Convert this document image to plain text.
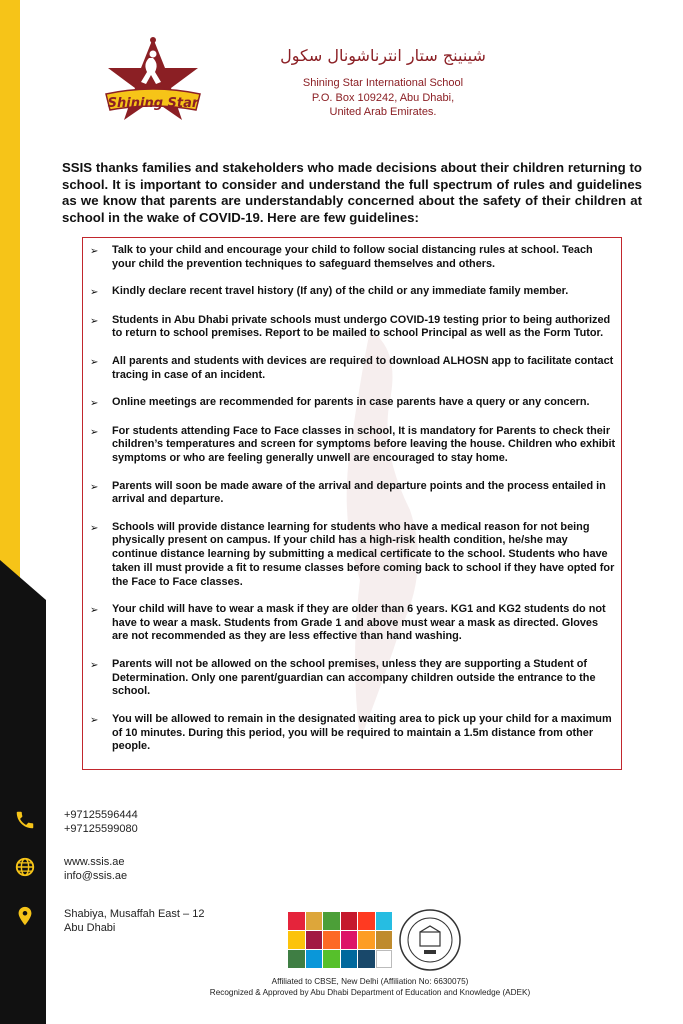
Shining Star
شينينج ستار انترناشونال سكول
Shining Star International School
P.O. Box 109242, Abu Dhabi,
United Arab Emirates.

SSIS thanks families and stakeholders who made decisions about their children returning to school. It is important to consider and understand the full spectrum of rules and guidelines as we know that parents are understandably concerned about the safety of their children at school in the wake of COVID-19. Here are few guidelines:

➢	Talk to your child and encourage your child to follow social distancing rules at school. Teach your child the prevention techniques to safeguard themselves and others.
➢	Kindly declare recent travel history (If any) of the child or any immediate family member.
➢	Students in Abu Dhabi private schools must undergo COVID-19 testing prior to being authorized to return to school premises. Report to be mailed to school Principal as well as the Form Tutor.
➢	All parents and students with devices are required to download ALHOSN app to facilitate contact tracing in case of an incident.
➢	Online meetings are recommended for parents in case parents have a query or any concern.
➢	For students attending Face to Face classes in school, It is mandatory for Parents to check their children’s temperatures and screen for symptoms before leaving the house. Children who exhibit symptoms or who are feeling generally unwell are encouraged to stay home.
➢	Parents will soon be made aware of the arrival and departure points and the process entailed in arrival and departure.
➢	Schools will provide distance learning for students who have a medical reason for not being physically present on campus. If your child has a high-risk health condition, he/she may continue distance learning by submitting a medical certificate to the school. Students who have taken ill must provide a fit to resume classes before coming back to school if they have opted for the Face to Face classes.
➢	Your child will have to wear a mask if they are older than 6 years. KG1 and KG2 students do not have to wear a mask. Students from Grade 1 and above must wear a mask as directed. Gloves are not recommended as they are less effective than hand washing.
➢	Parents will not be allowed on the school premises, unless they are supporting a Student of Determination. Only one parent/guardian can accompany children outside the entrance to the school.
➢	You will be allowed to remain in the designated waiting area to pick up your child for a maximum of 10 minutes. During this period, you will be required to maintain a 1.5m distance from other people.
+97125596444
+97125599080
www.ssis.ae
info@ssis.ae
Shabiya, Musaffah East – 12
Abu Dhabi
Affiliated to CBSE, New Delhi (Affiliation No: 6630075)
Recognized & Approved by Abu Dhabi Department of Education and Knowledge (ADEK)
